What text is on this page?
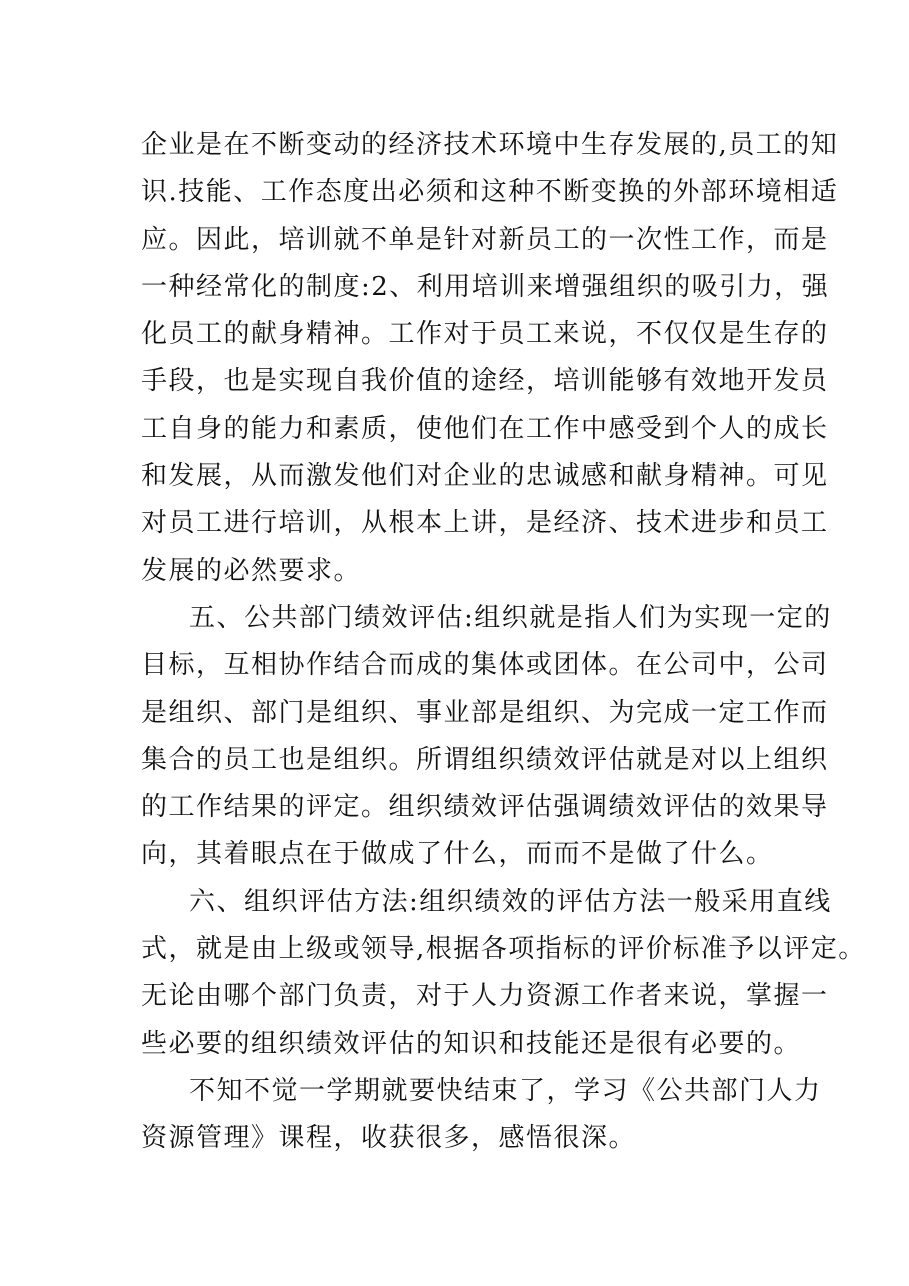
企业是在不断变动的经济技术环境中生存发展的,员工的知
识.技能、工作态度出必须和这种不断变换的外部环境相适
应。因此，培训就不单是针对新员工的一次性工作，而是
一种经常化的制度:2、利用培训来增强组织的吸引力，强
化员工的献身精神。工作对于员工来说，不仅仅是生存的
手段，也是实现自我价值的途经，培训能够有效地开发员
工自身的能力和素质，使他们在工作中感受到个人的成长
和发展，从而激发他们对企业的忠诚感和献身精神。可见
对员工进行培训，从根本上讲，是经济、技术进步和员工
发展的必然要求。
五、公共部门绩效评估:组织就是指人们为实现一定的
目标，互相协作结合而成的集体或团体。在公司中，公司
是组织、部门是组织、事业部是组织、为完成一定工作而
集合的员工也是组织。所谓组织绩效评估就是对以上组织
的工作结果的评定。组织绩效评估强调绩效评估的效果导
向，其着眼点在于做成了什么，而而不是做了什么。
六、组织评估方法:组织绩效的评估方法一般采用直线
式，就是由上级或领导,根据各项指标的评价标准予以评定。
无论由哪个部门负责，对于人力资源工作者来说，掌握一
些必要的组织绩效评估的知识和技能还是很有必要的。
不知不觉一学期就要快结束了，学习《公共部门人力
资源管理》课程，收获很多，感悟很深。
